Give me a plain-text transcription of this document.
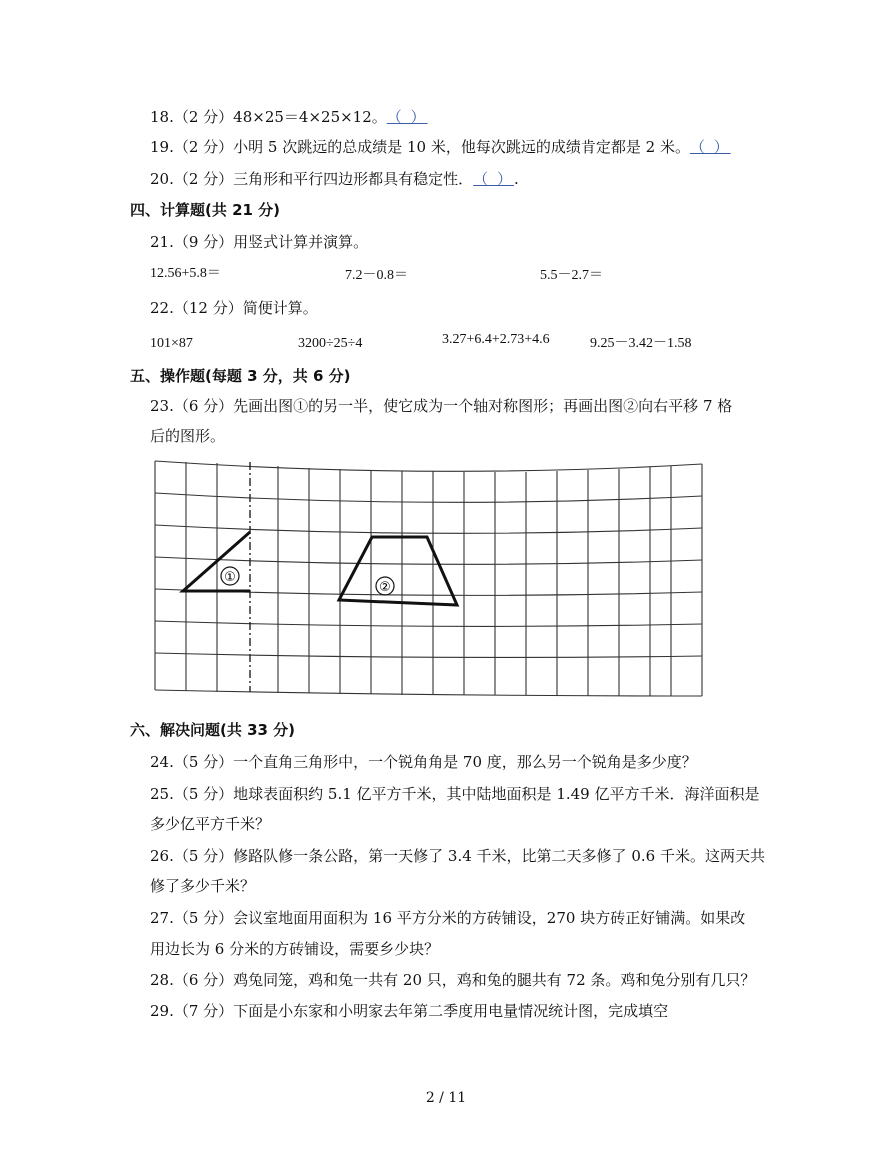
18.（2 分）48×25＝4×25×12。（ ）
19.（2 分）小明 5 次跳远的总成绩是 10 米，他每次跳远的成绩肯定都是 2 米。（ ）
20.（2 分）三角形和平行四边形都具有稳定性．（ ）.
四、计算题(共 21 分)
21.（9 分）用竖式计算并演算。
12.56+5.8＝	7.2－0.8＝	5.5－2.7＝
22.（12 分）简便计算。
101×87	3200÷25÷4	3.27+6.4+2.73+4.6	9.25－3.42－1.58
五、操作题(每题 3 分，共 6 分)
23.（6 分）先画出图①的另一半，使它成为一个轴对称图形；再画出图②向右平移 7 格
后的图形。
①
②
六、解决问题(共 33 分)
24.（5 分）一个直角三角形中，一个锐角角是 70 度，那么另一个锐角是多少度？
25.（5 分）地球表面积约 5.1 亿平方千米，其中陆地面积是 1.49 亿平方千米．海洋面积是
多少亿平方千米？
26.（5 分）修路队修一条公路，第一天修了 3.4 千米，比第二天多修了 0.6 千米。这两天共
修了多少千米？
27.（5 分）会议室地面用面积为 16 平方分米的方砖铺设，270 块方砖正好铺满。如果改
用边长为 6 分米的方砖铺设，需要乡少块？
28.（6 分）鸡兔同笼，鸡和兔一共有 20 只，鸡和兔的腿共有 72 条。鸡和兔分别有几只？
29.（7 分）下面是小东家和小明家去年第二季度用电量情况统计图，完成填空
2 / 11
